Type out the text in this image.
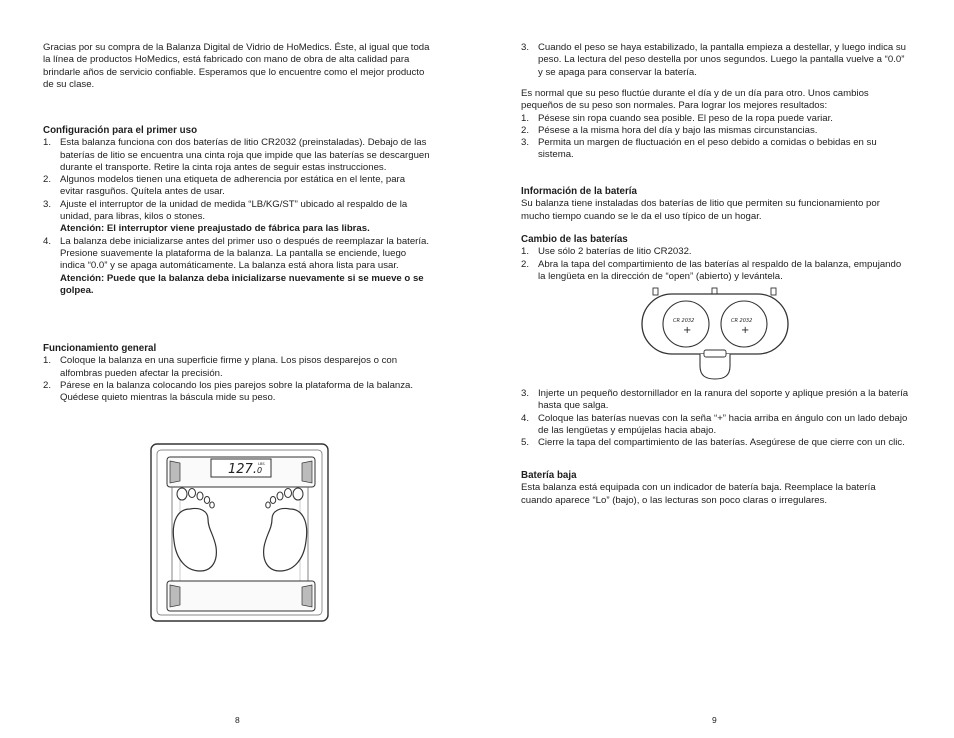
Gracias por su compra de la Balanza Digital de Vidrio de HoMedics. Éste, al igual que toda la línea de productos HoMedics, está fabricado con mano de obra de alta calidad para brindarle años de servicio confiable. Esperamos que lo encuentre como el mejor producto de su clase.

Configuración para el primer uso
1. Esta balanza funciona con dos baterías de litio CR2032 (preinstaladas). Debajo de las baterías de litio se encuentra una cinta roja que impide que las baterías se descarguen durante el transporte. Retire la cinta roja antes de seguir estas instrucciones.
2. Algunos modelos tienen una etiqueta de adherencia por estática en el lente, para evitar rasguños. Quítela antes de usar.
3. Ajuste el interruptor de la unidad de medida “LB/KG/ST” ubicado al respaldo de la unidad, para libras, kilos o stones.
Atención: El interruptor viene preajustado de fábrica para las libras.
4. La balanza debe inicializarse antes del primer uso o después de reemplazar la batería. Presione suavemente la plataforma de la balanza. La pantalla se enciende, luego indica “0.0” y se apaga automáticamente. La balanza está ahora lista para usar.
Atención: Puede que la balanza deba inicializarse nuevamente si se mueve o se golpea.
Funcionamiento general
1. Coloque la balanza en una superficie firme y plana. Los pisos desparejos o con alfombras pueden afectar la precisión.
2. Párese en la balanza colocando los pies parejos sobre la plataforma de la balanza. Quédese quieto mientras la báscula mide su peso.
127. 0
LBS
8
3. Cuando el peso se haya estabilizado, la pantalla empieza a destellar, y luego indica su peso. La lectura del peso destella por unos segundos. Luego la pantalla vuelve a “0.0” y se apaga para conservar la batería.

Es normal que su peso fluctúe durante el día y de un día para otro. Unos cambios pequeños de su peso son normales. Para lograr los mejores resultados:

1. Pésese sin ropa cuando sea posible. El peso de la ropa puede variar.
2. Pésese a la misma hora del día y bajo las mismas circunstancias.
3. Permita un margen de fluctuación en el peso debido a comidas o bebidas en su sistema.
Información de la batería

Su balanza tiene instaladas dos baterías de litio que permiten su funcionamiento por mucho tiempo cuando se le da el uso típico de un hogar.

Cambio de las baterías
1. Use sólo 2 baterías de litio CR2032.
2. Abra la tapa del compartimiento de las baterías al respaldo de la balanza, empujando la lengüeta en la dirección de “open” (abierto) y levántela.
CR 2032
+
CR 2032
+
3. Injerte un pequeño destornillador en la ranura del soporte y aplique presión a la batería hasta que salga.
4. Coloque las baterías nuevas con la seña “+” hacia arriba en ángulo con un lado debajo de las lengüetas y empújelas hacia abajo.
5. Cierre la tapa del compartimiento de las baterías. Asegúrese de que cierre con un clic.
Batería baja

Esta balanza está equipada con un indicador de batería baja. Reemplace la batería cuando aparece “Lo” (bajo), o las lecturas son poco claras o irregulares.

9
